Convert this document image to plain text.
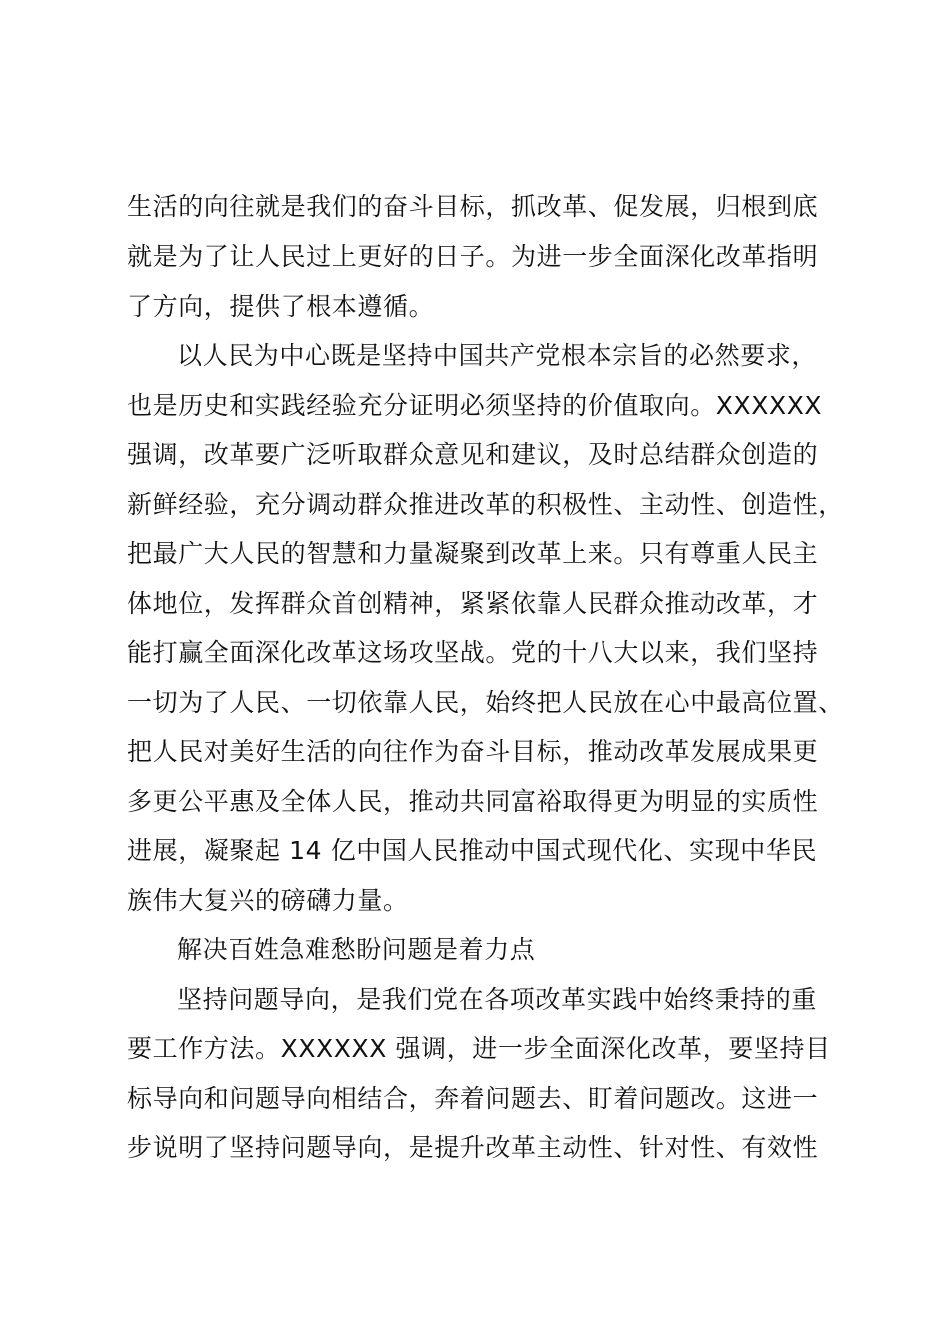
生活的向往就是我们的奋斗目标，抓改革、促发展，归根到底
就是为了让人民过上更好的日子。为进一步全面深化改革指明
了方向，提供了根本遵循。
以人民为中心既是坚持中国共产党根本宗旨的必然要求，
也是历史和实践经验充分证明必须坚持的价值取向。XXXXXX
强调，改革要广泛听取群众意见和建议，及时总结群众创造的
新鲜经验，充分调动群众推进改革的积极性、主动性、创造性，
把最广大人民的智慧和力量凝聚到改革上来。只有尊重人民主
体地位，发挥群众首创精神，紧紧依靠人民群众推动改革，才
能打赢全面深化改革这场攻坚战。党的十八大以来，我们坚持
一切为了人民、一切依靠人民，始终把人民放在心中最高位置、
把人民对美好生活的向往作为奋斗目标，推动改革发展成果更
多更公平惠及全体人民，推动共同富裕取得更为明显的实质性
进展，凝聚起 14 亿中国人民推动中国式现代化、实现中华民
族伟大复兴的磅礴力量。
解决百姓急难愁盼问题是着力点
坚持问题导向，是我们党在各项改革实践中始终秉持的重
要工作方法。XXXXXX 强调，进一步全面深化改革，要坚持目
标导向和问题导向相结合，奔着问题去、盯着问题改。这进一
步说明了坚持问题导向，是提升改革主动性、针对性、有效性
